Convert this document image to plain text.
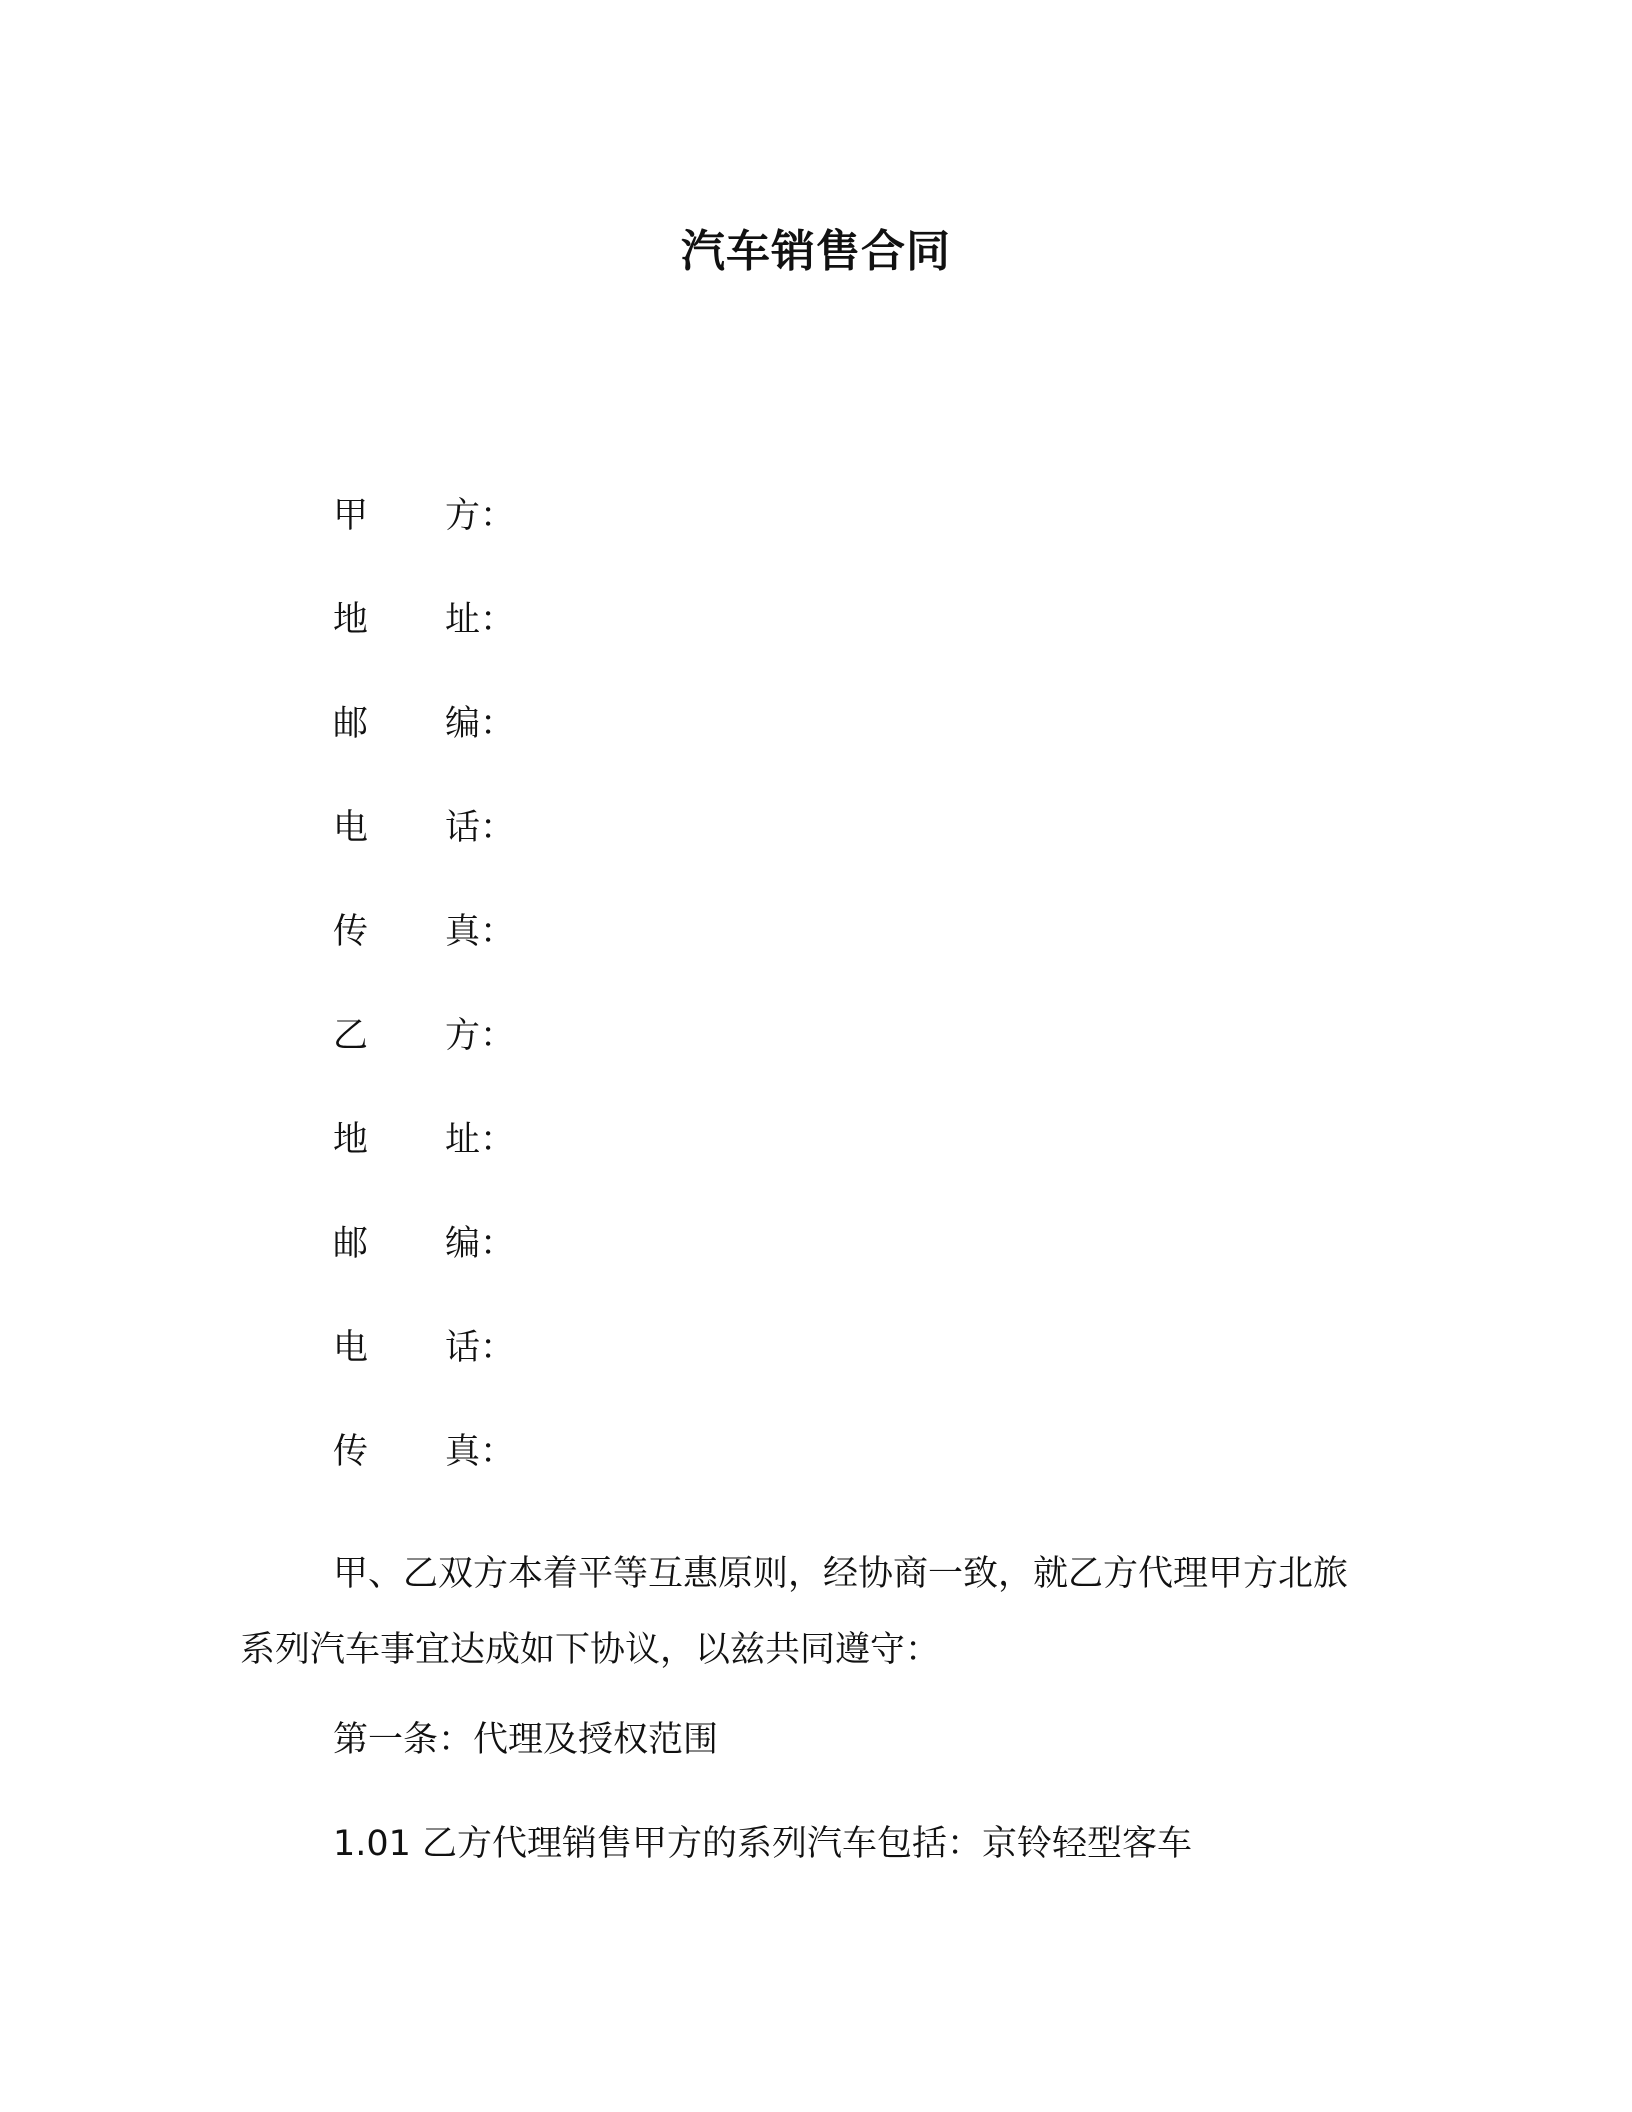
汽车销售合同
甲	方：
地	址：
邮	编：
电	话：
传	真：
乙	方：
地	址：
邮	编：
电	话：
传	真：

甲、乙双方本着平等互惠原则，经协商一致，就乙方代理甲方北旅系列汽车事宜达成如下协议，以兹共同遵守：

第一条：代理及授权范围

1.01 乙方代理销售甲方的系列汽车包括：京铃轻型客车
